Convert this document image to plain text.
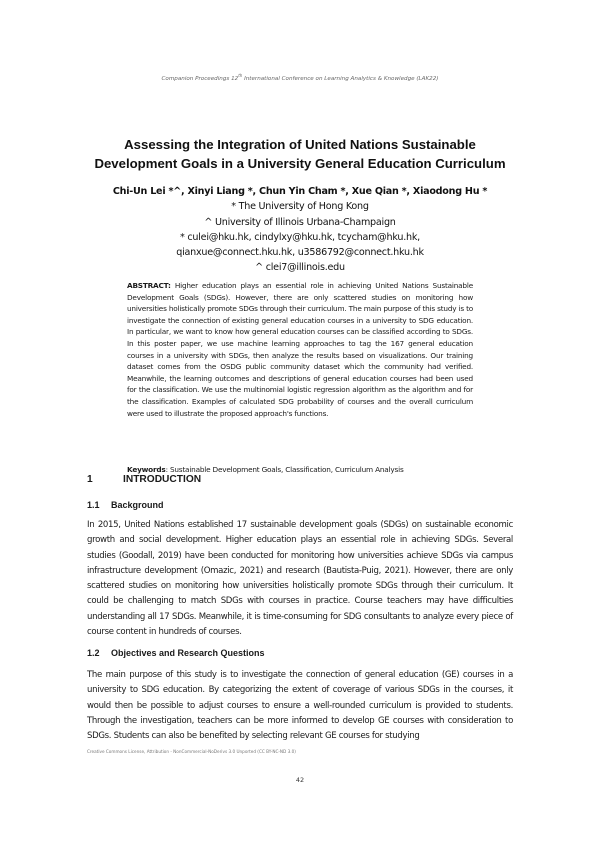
Companion Proceedings 12th International Conference on Learning Analytics & Knowledge (LAK22)
Assessing the Integration of United Nations Sustainable
Development Goals in a University General Education Curriculum
Chi-Un Lei *^, Xinyi Liang *, Chun Yin Cham *, Xue Qian *, Xiaodong Hu *
* The University of Hong Kong
^ University of Illinois Urbana-Champaign
* culei@hku.hk, cindylxy@hku.hk, tcycham@hku.hk,
qianxue@connect.hku.hk, u3586792@connect.hku.hk
^ clei7@illinois.edu
ABSTRACT: Higher education plays an essential role in achieving United Nations Sustainable Development Goals (SDGs). However, there are only scattered studies on monitoring how universities holistically promote SDGs through their curriculum. The main purpose of this study is to investigate the connection of existing general education courses in a university to SDG education. In particular, we want to know how general education courses can be classified according to SDGs. In this poster paper, we use machine learning approaches to tag the 167 general education courses in a university with SDGs, then analyze the results based on visualizations. Our training dataset comes from the OSDG public community dataset which the community had verified. Meanwhile, the learning outcomes and descriptions of general education courses had been used for the classification. We use the multinomial logistic regression algorithm as the algorithm and for the classification. Examples of calculated SDG probability of courses and the overall curriculum were used to illustrate the proposed approach's functions.
Keywords: Sustainable Development Goals, Classification, Curriculum Analysis
1	INTRODUCTION
1.1 Background
In 2015, United Nations established 17 sustainable development goals (SDGs) on sustainable economic growth and social development. Higher education plays an essential role in achieving SDGs. Several studies (Goodall, 2019) have been conducted for monitoring how universities achieve SDGs via campus infrastructure development (Omazic, 2021) and research (Bautista-Puig, 2021). However, there are only scattered studies on monitoring how universities holistically promote SDGs through their curriculum. It could be challenging to match SDGs with courses in practice. Course teachers may have difficulties understanding all 17 SDGs. Meanwhile, it is time-consuming for SDG consultants to analyze every piece of course content in hundreds of courses.
1.2 Objectives and Research Questions
The main purpose of this study is to investigate the connection of general education (GE) courses in a university to SDG education. By categorizing the extent of coverage of various SDGs in the courses, it would then be possible to adjust courses to ensure a well-rounded curriculum is provided to students. Through the investigation, teachers can be more informed to develop GE courses with consideration to SDGs. Students can also be benefited by selecting relevant GE courses for studying
Creative Commons License, Attribution - NonCommercial-NoDerivs 3.0 Unported (CC BY-NC-ND 3.0)
42
